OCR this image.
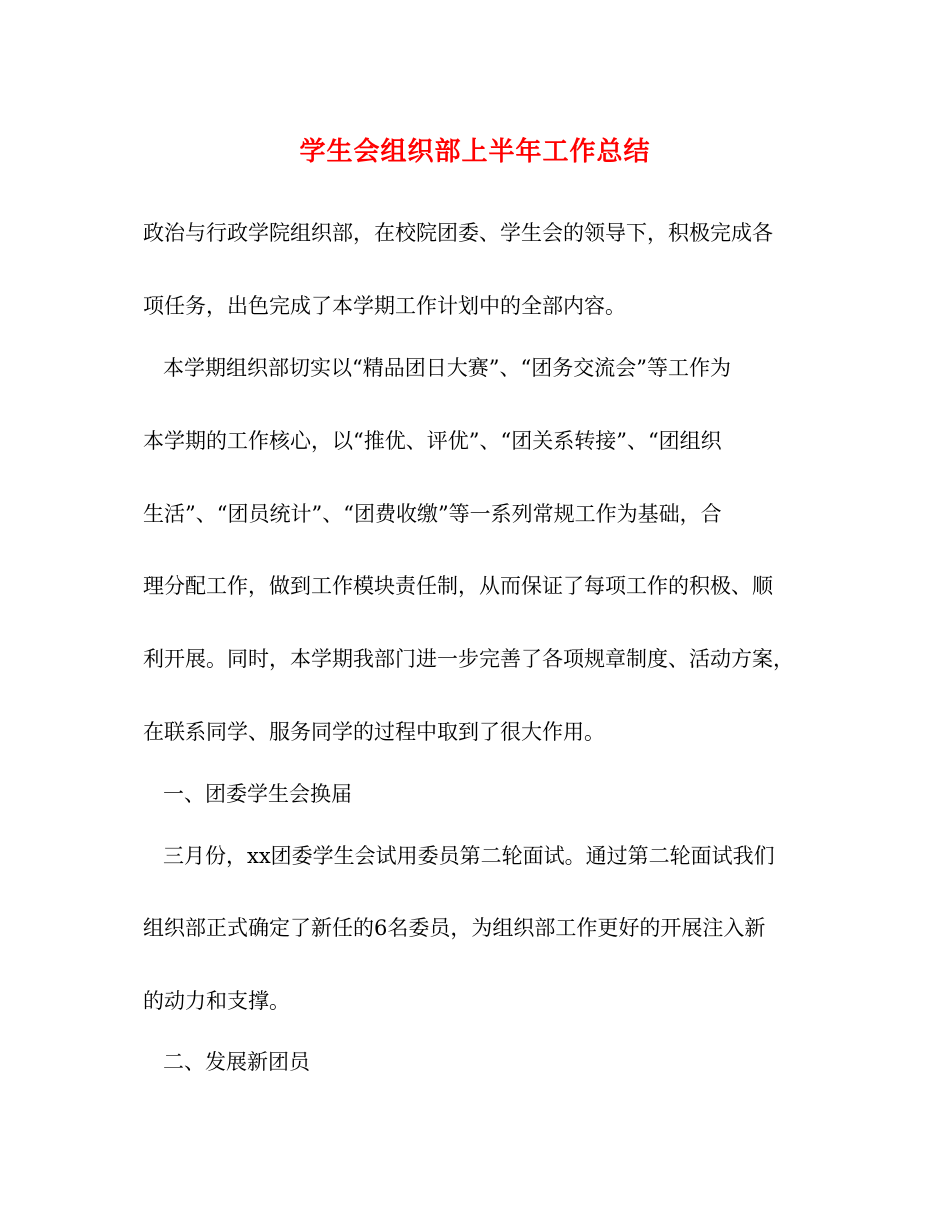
学生会组织部上半年工作总结
政治与行政学院组织部，在校院团委、学生会的领导下，积极完成各
项任务，出色完成了本学期工作计划中的全部内容。
本学期组织部切实以“精品团日大赛”、“团务交流会”等工作为
本学期的工作核心，以“推优、评优”、“团关系转接”、“团组织
生活”、“团员统计”、“团费收缴”等一系列常规工作为基础，合
理分配工作，做到工作模块责任制，从而保证了每项工作的积极、顺
利开展。同时，本学期我部门进一步完善了各项规章制度、活动方案，
在联系同学、服务同学的过程中取到了很大作用。
一、团委学生会换届
三月份，xx团委学生会试用委员第二轮面试。通过第二轮面试我们
组织部正式确定了新任的6名委员，为组织部工作更好的开展注入新
的动力和支撑。
二、发展新团员
